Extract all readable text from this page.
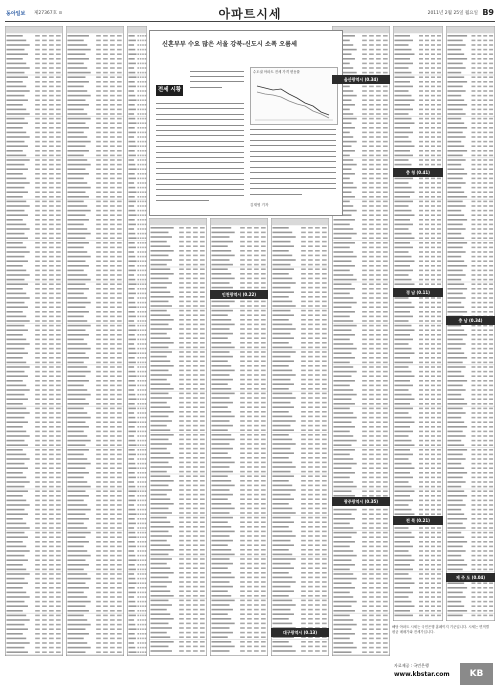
동아일보 제27367호 ⊙	아파트시세	2011년 2월 25일 월요일 B9
신혼부부 수요 많은 서울 강북-신도시 소폭 오름세
전세 시황
수도권 아파트 전세 가격 변동률
김재영 기자
인천광역시 (0.22)
대구광역시 (0.13)
울산광역시 (0.34)
광주광역시 (0.35)
충 청 (0.41)
경 남 (0.11)
전 북 (0.21)
충 남 (0.34)
제 주 도 (0.04)
해당 아파트 시세는 국민은행 홈페이지 기준입니다. 시세는 면적별 평균 매매가와 전세가입니다.
자료제공 : 국민은행
www.kbstar.com	KB
